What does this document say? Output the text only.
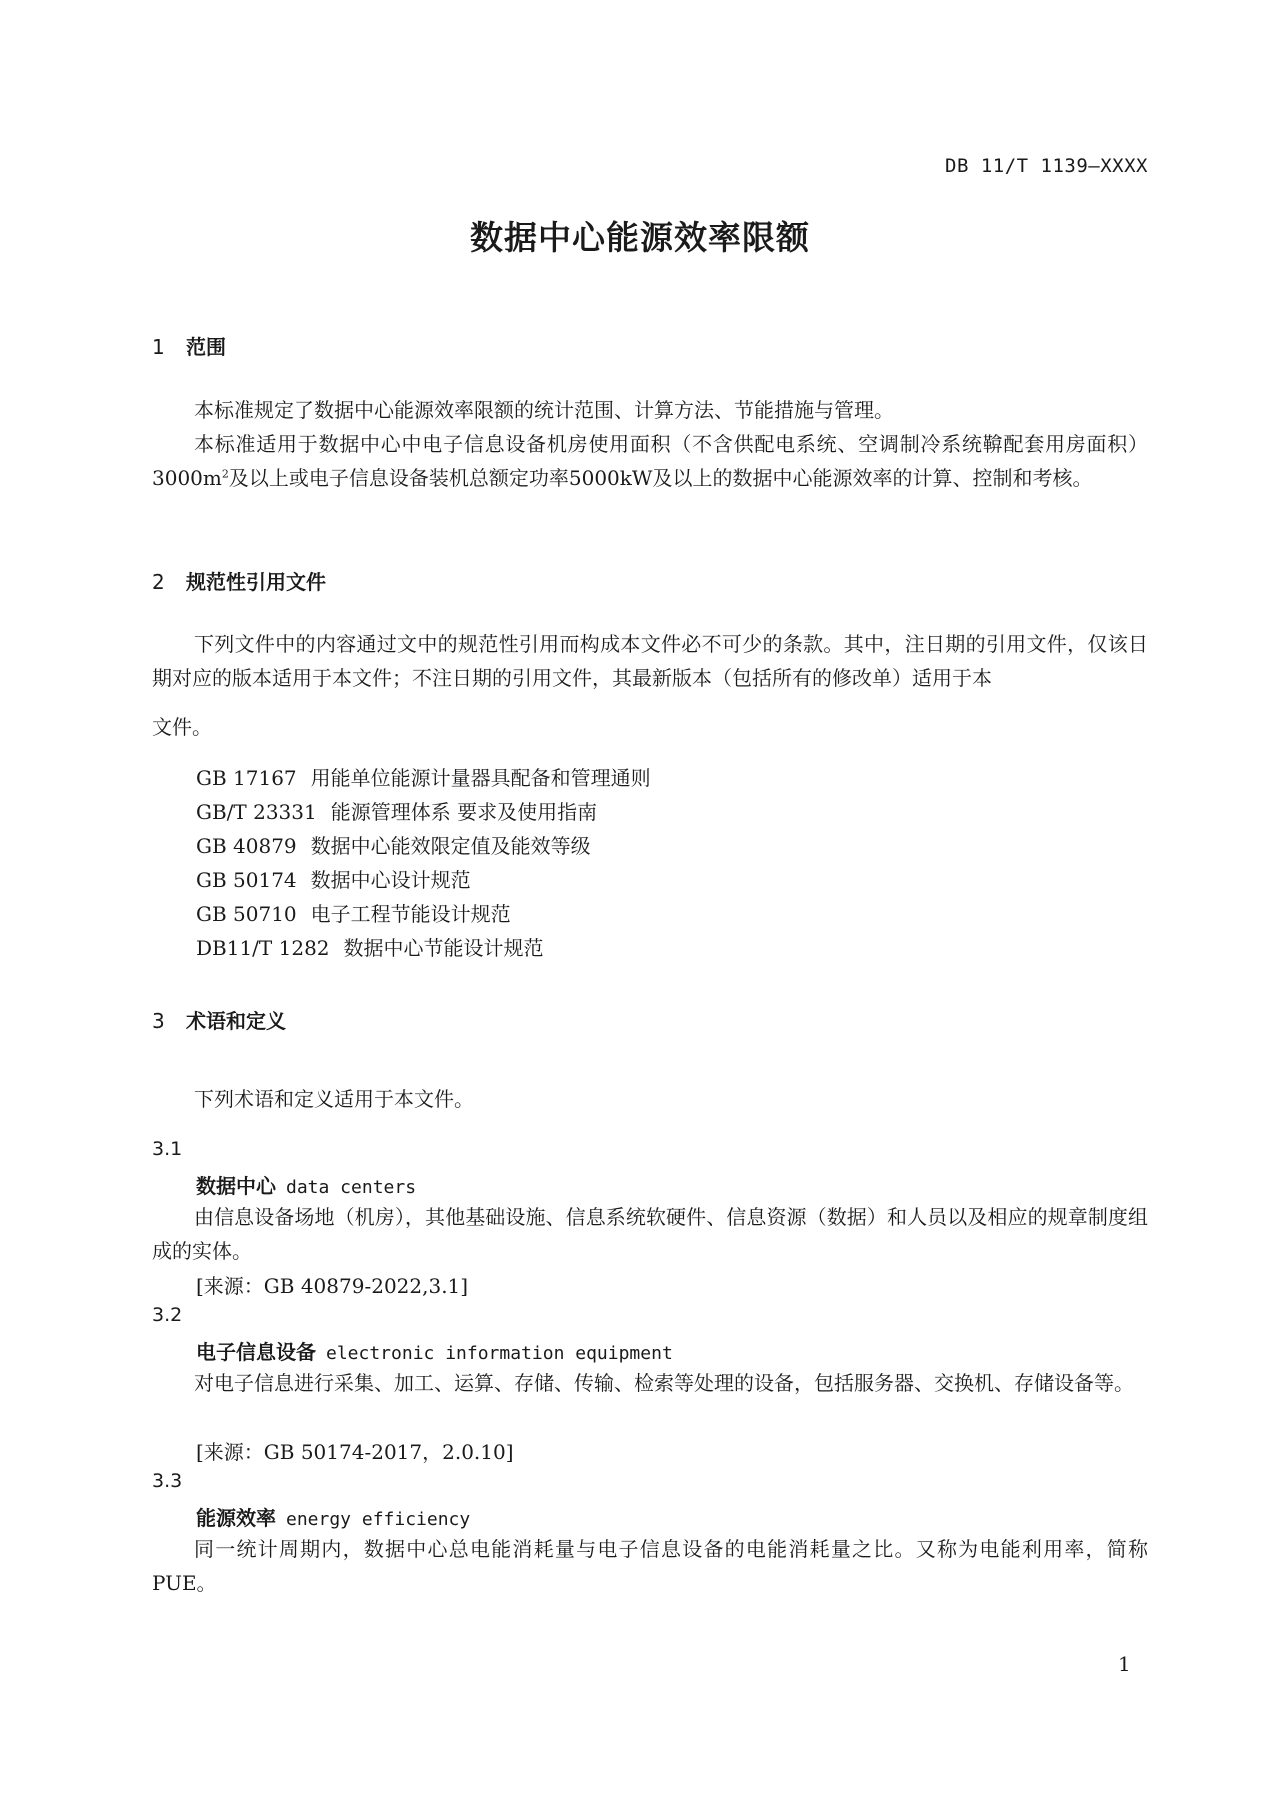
DB 11/T 1139—XXXX
数据中心能源效率限额
1 范围
本标准规定了数据中心能源效率限额的统计范围、计算方法、节能措施与管理。
本标准适用于数据中心中电子信息设备机房使用面积（不含供配电系统、空调制冷系统鞥配套用房面积）$3000m^2$及以上或电子信息设备装机总额定功率5000kW及以上的数据中心能源效率的计算、控制和考核。
2 规范性引用文件
下列文件中的内容通过文中的规范性引用而构成本文件必不可少的条款。其中，注日期的引用文件，仅该日期对应的版本适用于本文件；不注日期的引用文件，其最新版本（包括所有的修改单）适用于本
文件。
GB 17167 用能单位能源计量器具配备和管理通则
GB/T 23331 能源管理体系 要求及使用指南
GB 40879 数据中心能效限定值及能效等级
GB 50174 数据中心设计规范
GB 50710 电子工程节能设计规范
DB11/T 1282 数据中心节能设计规范
3 术语和定义
下列术语和定义适用于本文件。
3.1
数据中心 data centers
由信息设备场地（机房），其他基础设施、信息系统软硬件、信息资源（数据）和人员以及相应的规章制度组成的实体。
[来源：GB 40879-2022,3.1]
3.2
电子信息设备 electronic information equipment
对电子信息进行采集、加工、运算、存储、传输、检索等处理的设备，包括服务器、交换机、存储设备等。
[来源：GB 50174-2017，2.0.10]
3.3
能源效率 energy efficiency
同一统计周期内，数据中心总电能消耗量与电子信息设备的电能消耗量之比。又称为电能利用率，简称PUE。
1
